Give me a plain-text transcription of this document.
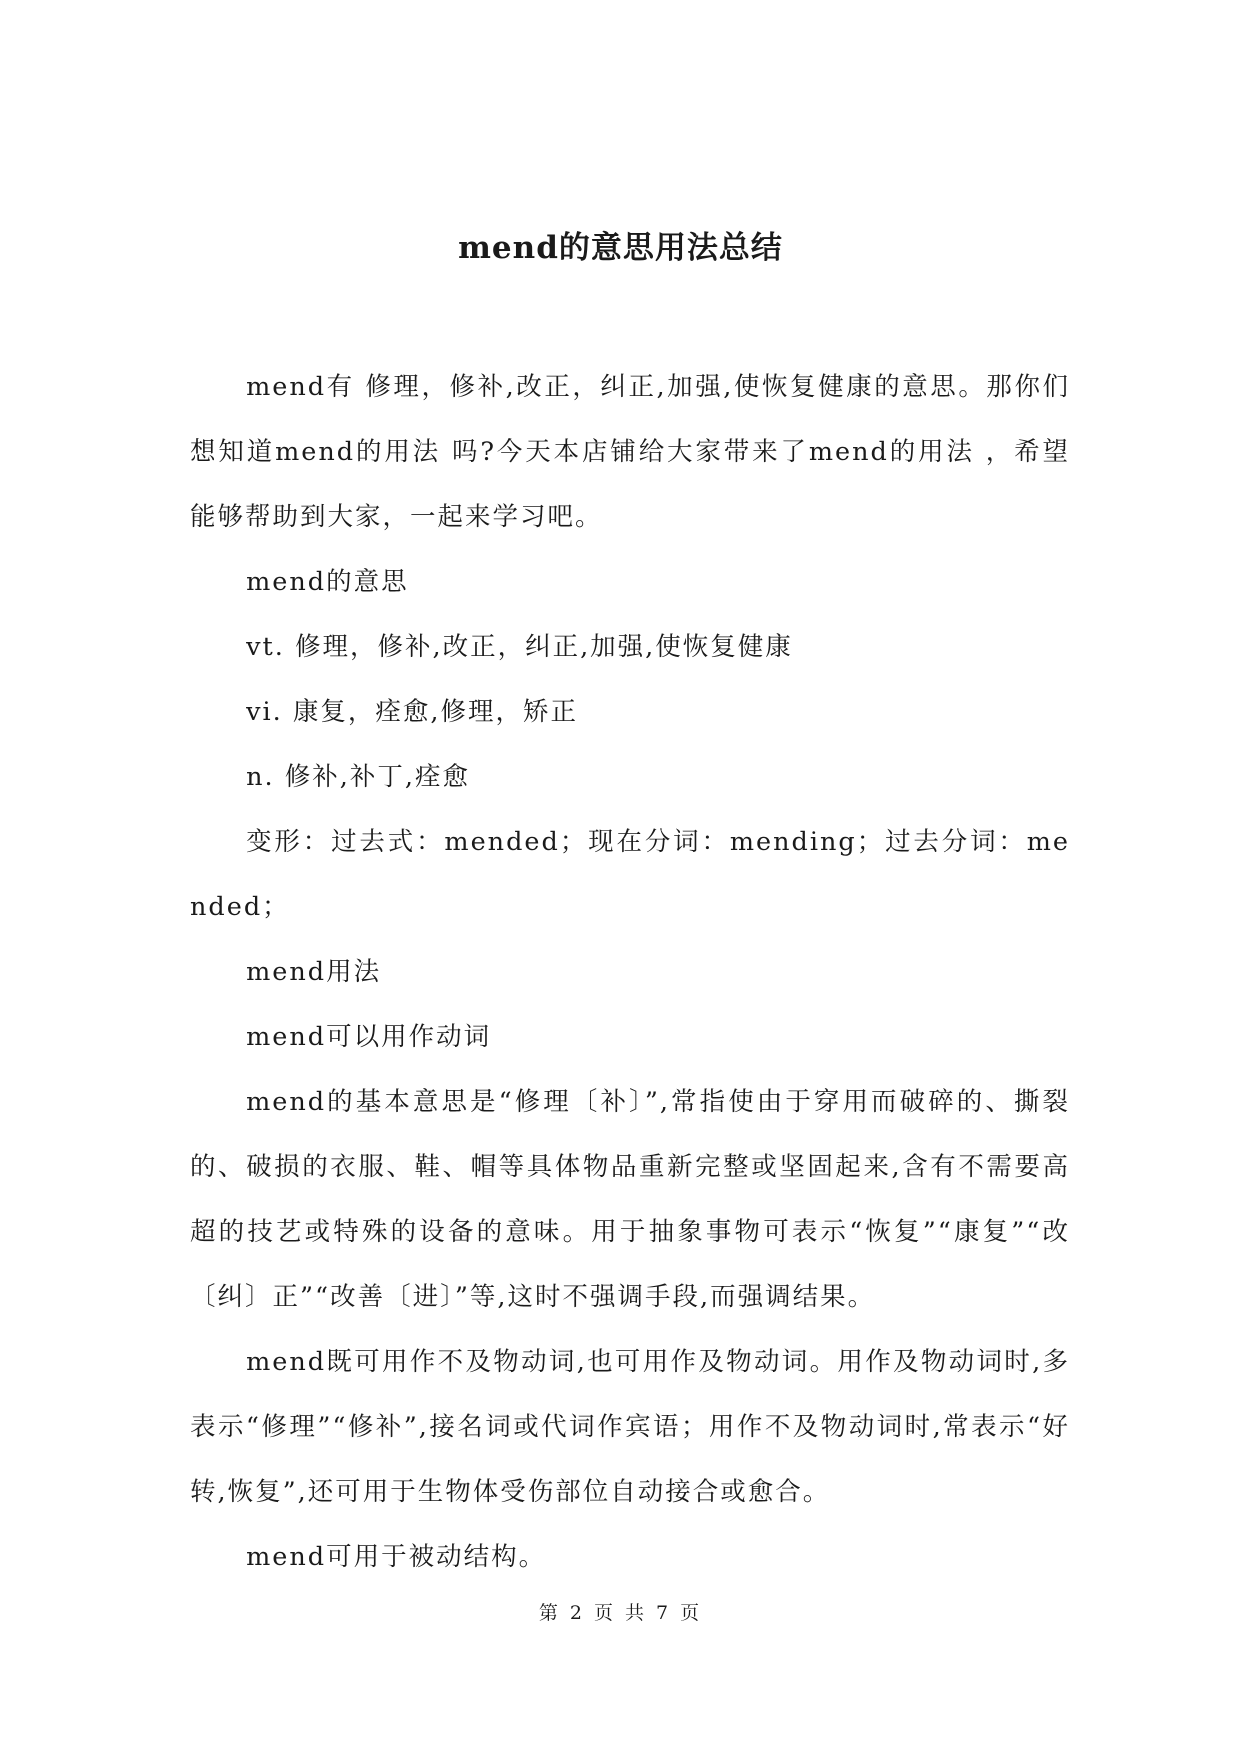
mend的意思用法总结

mend有 修理，修补,改正，纠正,加强,使恢复健康的意思。那你们想知道mend的用法 吗?今天本店铺给大家带来了mend的用法 ，希望能够帮助到大家，一起来学习吧。

mend的意思

vt. 修理，修补,改正，纠正,加强,使恢复健康

vi. 康复，痊愈,修理，矫正

n. 修补,补丁,痊愈

变形：过去式：mended；现在分词：mending；过去分词：mended；

mend用法

mend可以用作动词

mend的基本意思是“修理〔补〕”,常指使由于穿用而破碎的、撕裂的、破损的衣服、鞋、帽等具体物品重新完整或坚固起来,含有不需要高超的技艺或特殊的设备的意味。用于抽象事物可表示“恢复”“康复”“改〔纠〕正”“改善〔进〕”等,这时不强调手段,而强调结果。

mend既可用作不及物动词,也可用作及物动词。用作及物动词时,多表示“修理”“修补”,接名词或代词作宾语；用作不及物动词时,常表示“好转,恢复”,还可用于生物体受伤部位自动接合或愈合。

mend可用于被动结构。

第 2 页 共 7 页
